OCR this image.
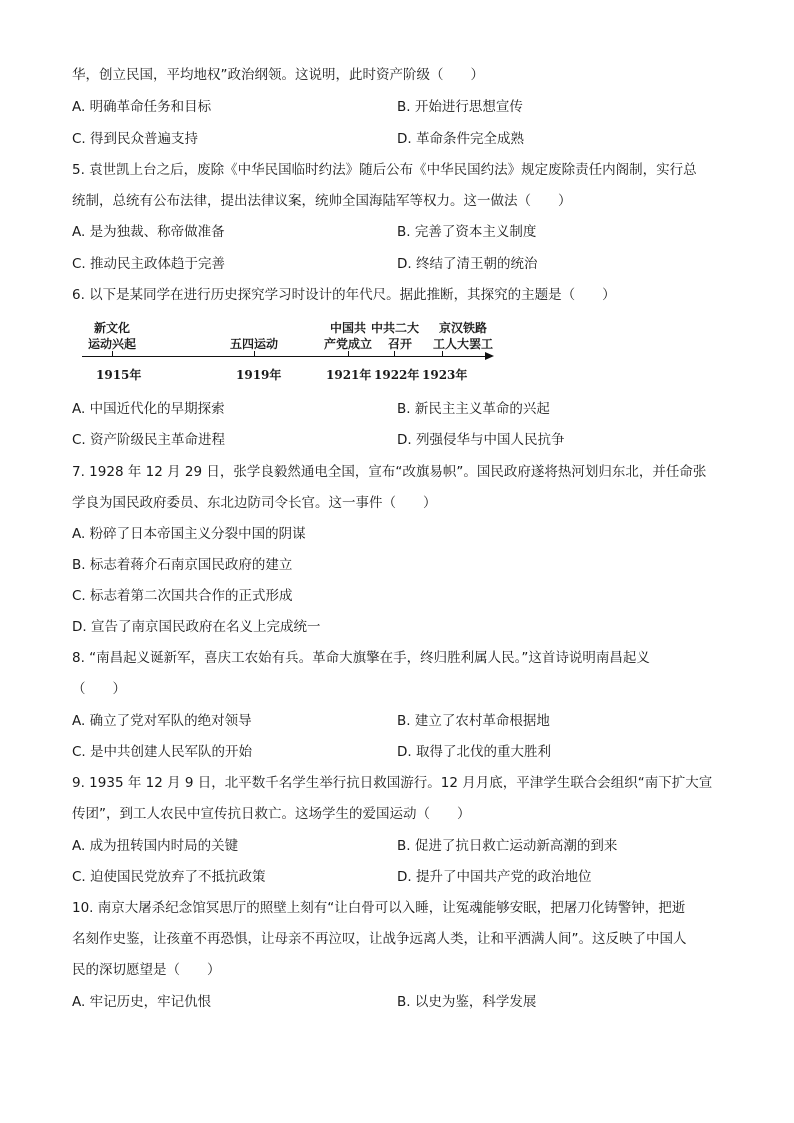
华，创立民国，平均地权”政治纲领。这说明，此时资产阶级（　　）
A. 明确革命任务和目标	B. 开始进行思想宣传
C. 得到民众普遍支持	D. 革命条件完全成熟
5. 袁世凯上台之后，废除《中华民国临时约法》随后公布《中华民国约法》规定废除责任内阁制，实行总
统制，总统有公布法律，提出法律议案，统帅全国海陆军等权力。这一做法（　　）
A. 是为独裁、称帝做准备	B. 完善了资本主义制度
C. 推动民主政体趋于完善	D. 终结了清王朝的统治
6. 以下是某同学在进行历史探究学习时设计的年代尺。据此推断，其探究的主题是（　　）
新文化
运动兴起	五四运动
中国共
产党成立
中共二大
召开
京汉铁路
工人大罢工
1915年	1919年	1921年 1922年 1923年
A. 中国近代化的早期探索	B. 新民主主义革命的兴起
C. 资产阶级民主革命进程	D. 列强侵华与中国人民抗争
7. 1928 年 12 月 29 日，张学良毅然通电全国，宣布“改旗易帜”。国民政府遂将热河划归东北，并任命张
学良为国民政府委员、东北边防司令长官。这一事件（　　）
A. 粉碎了日本帝国主义分裂中国的阴谋
B. 标志着蒋介石南京国民政府的建立
C. 标志着第二次国共合作的正式形成
D. 宣告了南京国民政府在名义上完成统一
8. “南昌起义诞新军，喜庆工农始有兵。革命大旗擎在手，终归胜利属人民。”这首诗说明南昌起义
（　　）
A. 确立了党对军队的绝对领导	B. 建立了农村革命根据地
C. 是中共创建人民军队的开始	D. 取得了北伐的重大胜利
9. 1935 年 12 月 9 日，北平数千名学生举行抗日救国游行。12 月月底，平津学生联合会组织“南下扩大宣
传团”，到工人农民中宣传抗日救亡。这场学生的爱国运动（　　）
A. 成为扭转国内时局的关键	B. 促进了抗日救亡运动新高潮的到来
C. 迫使国民党放弃了不抵抗政策	D. 提升了中国共产党的政治地位
10. 南京大屠杀纪念馆冥思厅的照壁上刻有“让白骨可以入睡，让冤魂能够安眠，把屠刀化铸警钟，把逝
名刻作史鉴，让孩童不再恐惧，让母亲不再泣叹，让战争远离人类，让和平洒满人间”。这反映了中国人
民的深切愿望是（　　）
A. 牢记历史，牢记仇恨	B. 以史为鉴，科学发展
